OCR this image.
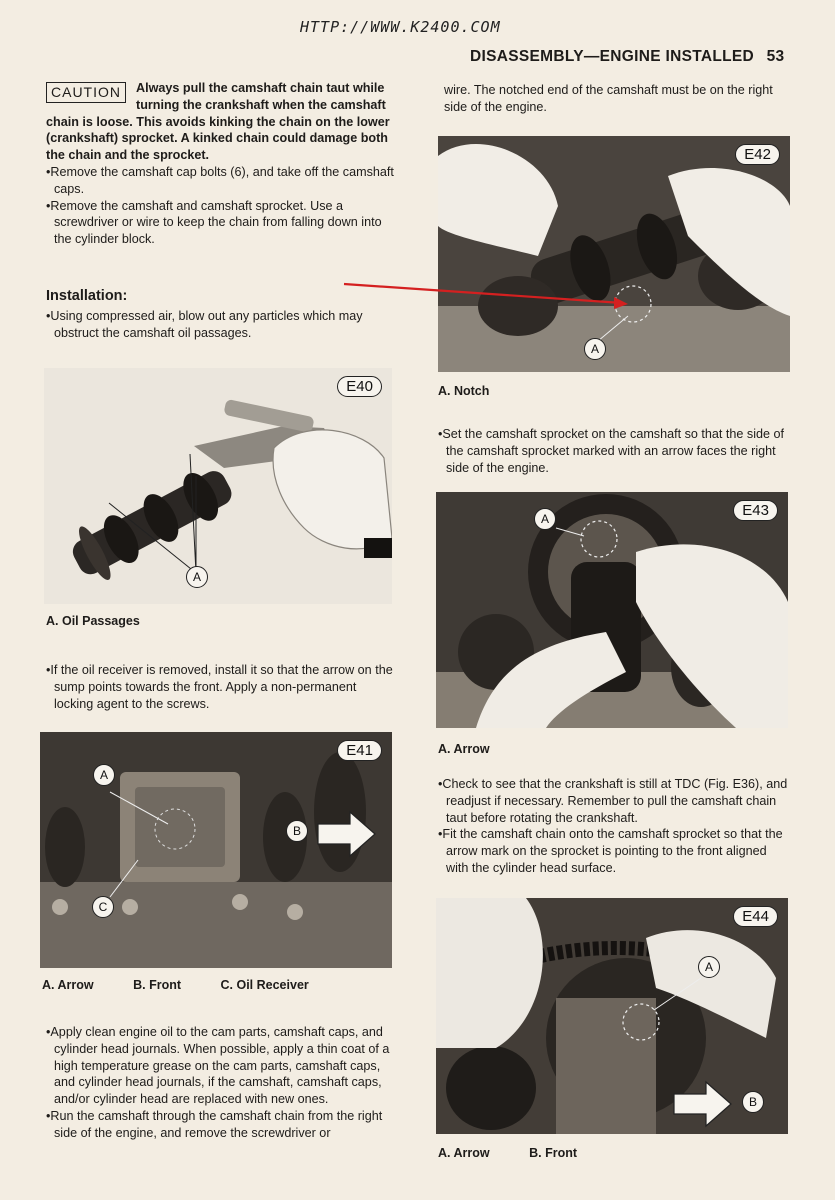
HTTP://WWW.K2400.COM
DISASSEMBLY—ENGINE INSTALLED 53
CAUTION	Always pull the camshaft chain taut while turning the crankshaft when the camshaft chain is loose. This avoids kinking the chain on the lower (crankshaft) sprocket. A kinked chain could damage both the chain and the sprocket.

•Remove the camshaft cap bolts (6), and take off the camshaft caps.

•Remove the camshaft and camshaft sprocket. Use a screwdriver or wire to keep the chain from falling down into the cylinder block.

Installation:

•Using compressed air, blow out any particles which may obstruct the camshaft oil passages.

E40
A
A. Oil Passages

•If the oil receiver is removed, install it so that the arrow on the sump points towards the front. Apply a non-permanent locking agent to the screws.

E41
A
B
C
A. Arrow	B. Front	C. Oil Receiver

•Apply clean engine oil to the cam parts, camshaft caps, and cylinder head journals. When possible, apply a thin coat of a high temperature grease on the cam parts, camshaft caps, and cylinder head journals, if the camshaft, camshaft caps, and/or cylinder head are replaced with new ones.

•Run the camshaft through the camshaft chain from the right side of the engine, and remove the screwdriver or

wire. The notched end of the camshaft must be on the right side of the engine.

E42
A
A. Notch

•Set the camshaft sprocket on the camshaft so that the side of the camshaft sprocket marked with an arrow faces the right side of the engine.

E43
A
A. Arrow

•Check to see that the crankshaft is still at TDC (Fig. E36), and readjust if necessary. Remember to pull the camshaft chain taut before rotating the crankshaft.

•Fit the camshaft chain onto the camshaft sprocket so that the arrow mark on the sprocket is pointing to the front aligned with the cylinder head surface.

E44
A
B
A. Arrow	B. Front
